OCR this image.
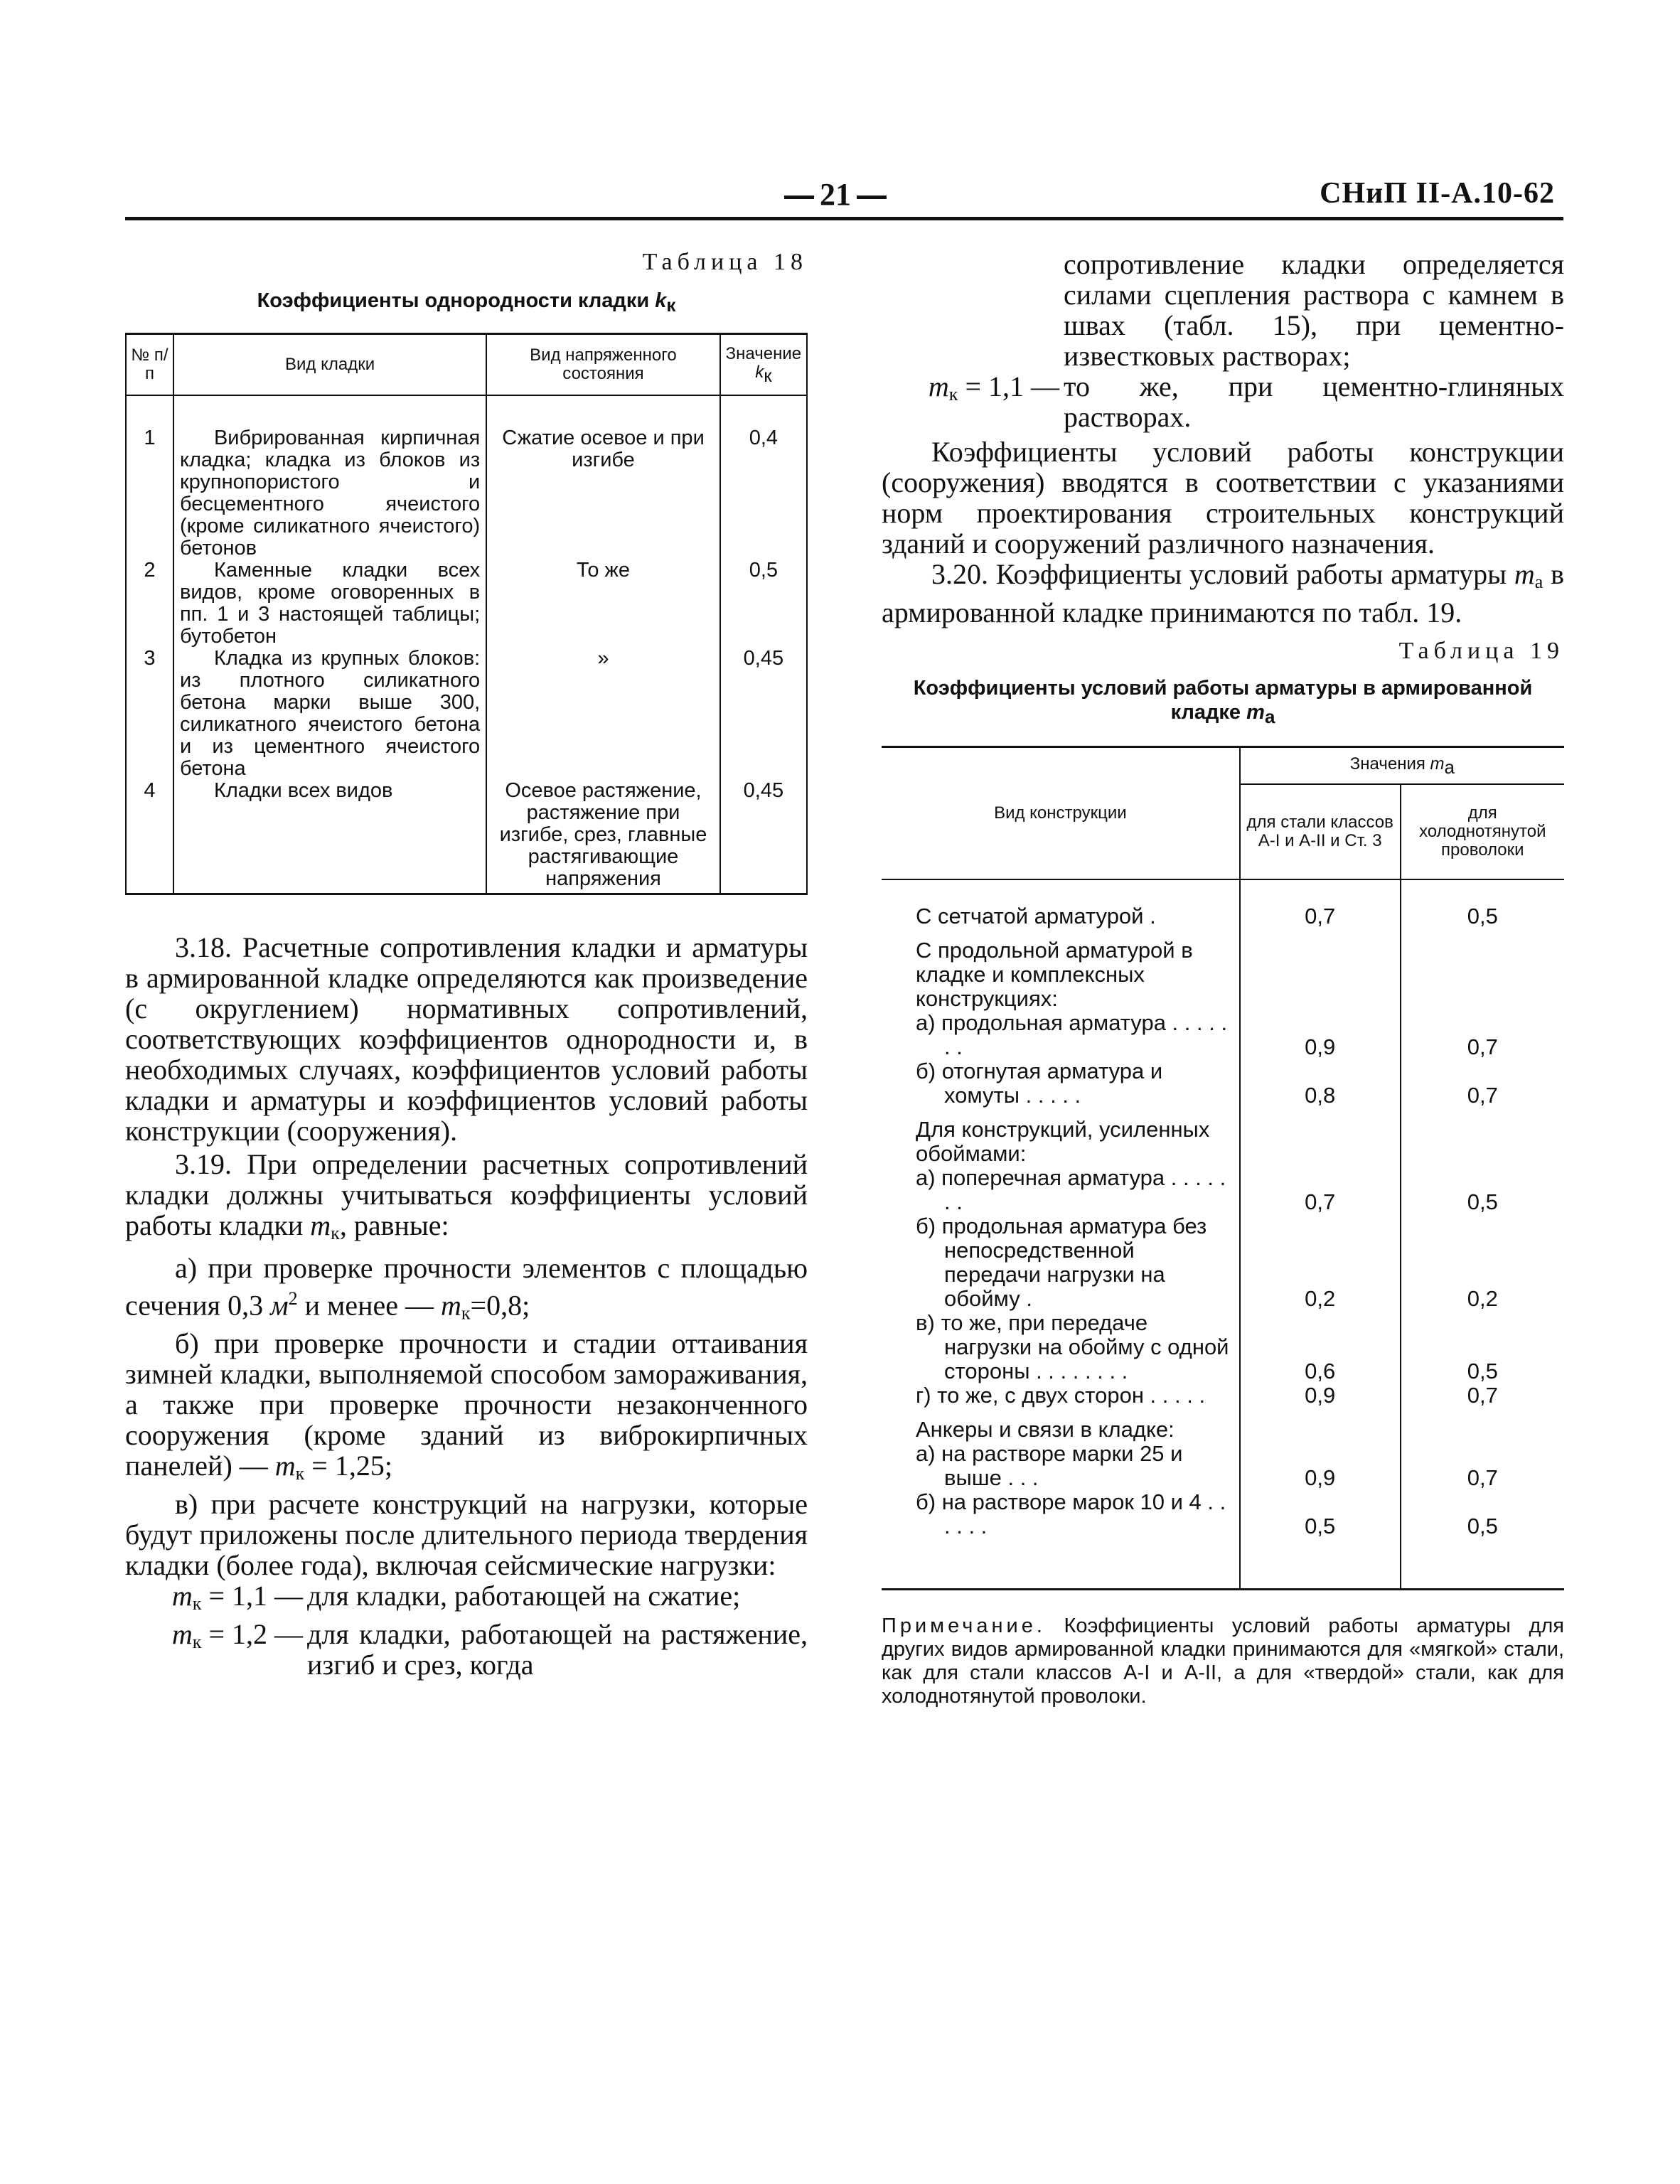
21	СНиП II-А.10-62
Таблица 18
Коэффициенты однородности кладки kк
№ п/п	Вид кладки	Вид напряженного состояния	Значение
kк
1	Вибрированная кирпичная кладка; кладка из блоков из крупнопористого и бесцементного ячеистого (кроме силикатного ячеистого) бетонов	Сжатие осевое и при изгибе	0,4
2	Каменные кладки всех видов, кроме оговоренных в пп. 1 и 3 настоящей таблицы; бутобетон	То же	0,5
3	Кладка из крупных блоков: из плотного силикатного бетона марки выше 300, силикатного ячеистого бетона и из цементного ячеистого бетона	»	0,45
4	Кладки всех видов	Осевое растяжение, растяжение при изгибе, срез, главные растягивающие напряжения	0,45

3.18. Расчетные сопротивления кладки и арматуры в армированной кладке определяются как произведение (с округлением) нормативных сопротивлений, соответствующих коэффициентов однородности и, в необходимых случаях, коэффициентов условий работы кладки и арматуры и коэффициентов условий работы конструкции (сооружения).

3.19. При определении расчетных сопротивлений кладки должны учитываться коэффициенты условий работы кладки $m_к$, равные:

а) при проверке прочности элементов с площадью сечения 0,3 $м^2$ и менее — $m_к=0,8$;

б) при проверке прочности и стадии оттаивания зимней кладки, выполняемой способом замораживания, а также при проверке прочности незаконченного сооружения (кроме зданий из виброкирпичных панелей) — $m_к = 1,25$;

в) при расчете конструкций на нагрузки, которые будут приложены после длительного периода твердения кладки (более года), включая сейсмические нагрузки:

$m_к = 1,1$ — для кладки, работающей на сжатие;
$m_к = 1,2$ — для кладки, работающей на растяжение, изгиб и срез, когда
сопротивление кладки определяется силами сцепления раствора с камнем в швах (табл. 15), при цементно-известковых растворах;
$m_к = 1,1$ — то же, при цементно-глиняных растворах.

Коэффициенты условий работы конструкции (сооружения) вводятся в соответствии с указаниями норм проектирования строительных конструкций зданий и сооружений различного назначения.

3.20. Коэффициенты условий работы арматуры $m_а$ в армированной кладке принимаются по табл. 19.

Таблица 19
Коэффициенты условий работы арматуры в армированной кладке mа
Вид конструкции	Значения mа	
	для стали классов А-I и А-II и Ст. 3	для холоднотянутой проволоки

С сетчатой арматурой .	0,7	0,5

С продольной арматурой в кладке и комплексных конструкциях:		

а) продольная арматура . . . . . . .	0,9	0,7

б) отогнутая арматура и хомуты . . . . .	0,8	0,7

Для конструкций, усиленных обоймами:		

а) поперечная арматура . . . . . . .	0,7	0,5

б) продольная арматура без непосредственной передачи нагрузки на обойму .	0,2	0,2

в) то же, при передаче нагрузки на обойму с одной стороны . . . . . . . .	0,6	0,5

г) то же, с двух сторон . . . . .	0,9	0,7

Анкеры и связи в кладке:		

а) на растворе марки 25 и выше . . .	0,9	0,7

б) на растворе марок 10 и 4 . . . . . .	0,5	0,5
Примечание. Коэффициенты условий работы арматуры для других видов армированной кладки принимаются для «мягкой» стали, как для стали классов А-I и А-II, а для «твердой» стали, как для холоднотянутой проволоки.
